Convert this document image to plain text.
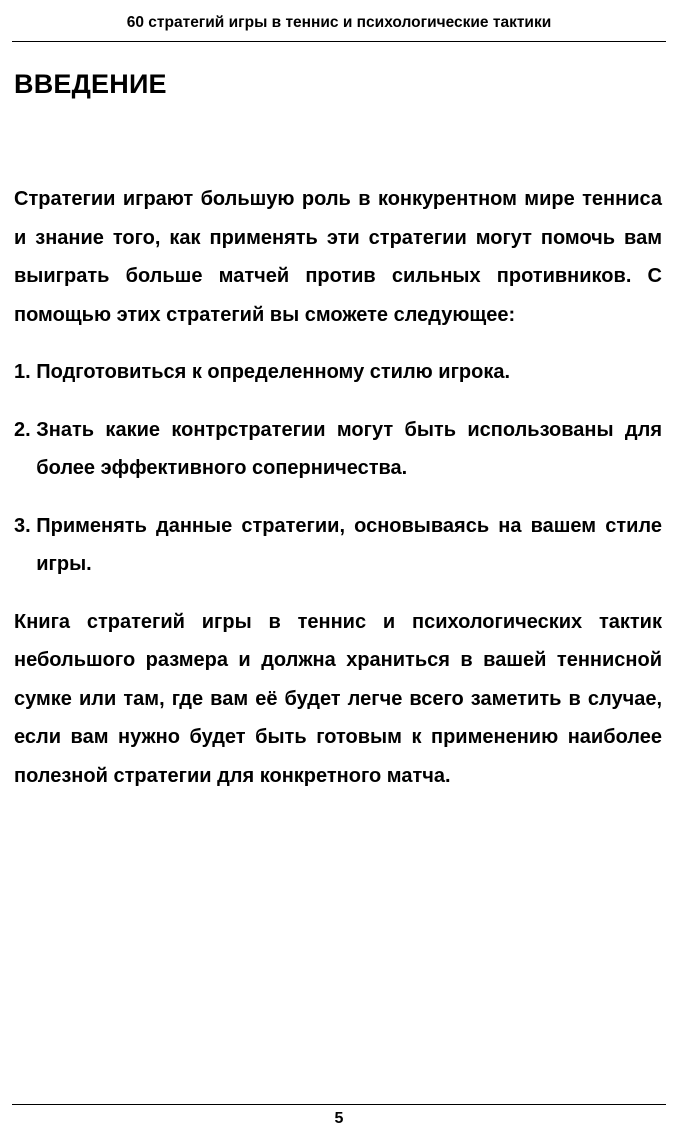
60 стратегий игры в теннис и психологические тактики
ВВЕДЕНИЕ

Стратегии играют большую роль в конкурентном мире тенниса и знание того, как применять эти стратегии могут помочь вам выиграть больше матчей против сильных противников. С помощью этих стратегий вы сможете следующее:

1. Подготовиться к определенному стилю игрока.
2. Знать какие контрстратегии могут быть использованы для более эффективного соперничества.
3. Применять данные стратегии, основываясь на вашем стиле игры.

Книга стратегий игры в теннис и психологических тактик небольшого размера и должна храниться в вашей теннисной сумке или там, где вам её будет легче всего заметить в случае, если вам нужно будет быть готовым к применению наиболее полезной стратегии для конкретного матча.

5
